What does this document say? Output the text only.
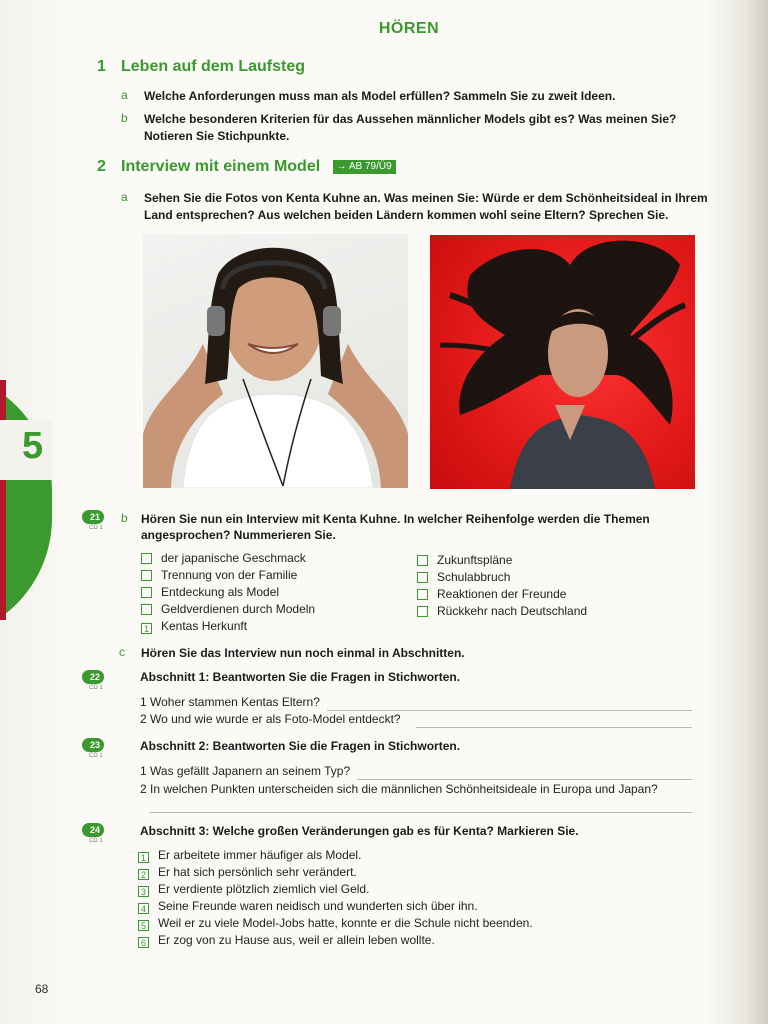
HÖREN
1 Leben auf dem Laufsteg
a Welche Anforderungen muss man als Model erfüllen? Sammeln Sie zu zweit Ideen.
b Welche besonderen Kriterien für das Aussehen männlicher Models gibt es? Was meinen Sie?
Notieren Sie Stichpunkte.
2 Interview mit einem Model → AB 79/Ü9
a Sehen Sie die Fotos von Kenta Kuhne an. Was meinen Sie: Würde er dem Schönheitsideal in Ihrem
Land entsprechen? Aus welchen beiden Ländern kommen wohl seine Eltern? Sprechen Sie.
5
21
CD 1
b Hören Sie nun ein Interview mit Kenta Kuhne. In welcher Reihenfolge werden die Themen
angesprochen? Nummerieren Sie.
der japanische Geschmack
Trennung von der Familie
Entdeckung als Model
Geldverdienen durch Modeln
1 Kentas Herkunft
Zukunftspläne
Schulabbruch
Reaktionen der Freunde
Rückkehr nach Deutschland
c Hören Sie das Interview nun noch einmal in Abschnitten.
22
CD 1
Abschnitt 1: Beantworten Sie die Fragen in Stichworten.
1 Woher stammen Kentas Eltern?
2 Wo und wie wurde er als Foto-Model entdeckt?
23
CD 1
Abschnitt 2: Beantworten Sie die Fragen in Stichworten.
1 Was gefällt Japanern an seinem Typ?
2 In welchen Punkten unterscheiden sich die männlichen Schönheitsideale in Europa und Japan?
24
CD 1
Abschnitt 3: Welche großen Veränderungen gab es für Kenta? Markieren Sie.
1 Er arbeitete immer häufiger als Model.
2 Er hat sich persönlich sehr verändert.
3 Er verdiente plötzlich ziemlich viel Geld.
4 Seine Freunde waren neidisch und wunderten sich über ihn.
5 Weil er zu viele Model-Jobs hatte, konnte er die Schule nicht beenden.
6 Er zog von zu Hause aus, weil er allein leben wollte.
68
